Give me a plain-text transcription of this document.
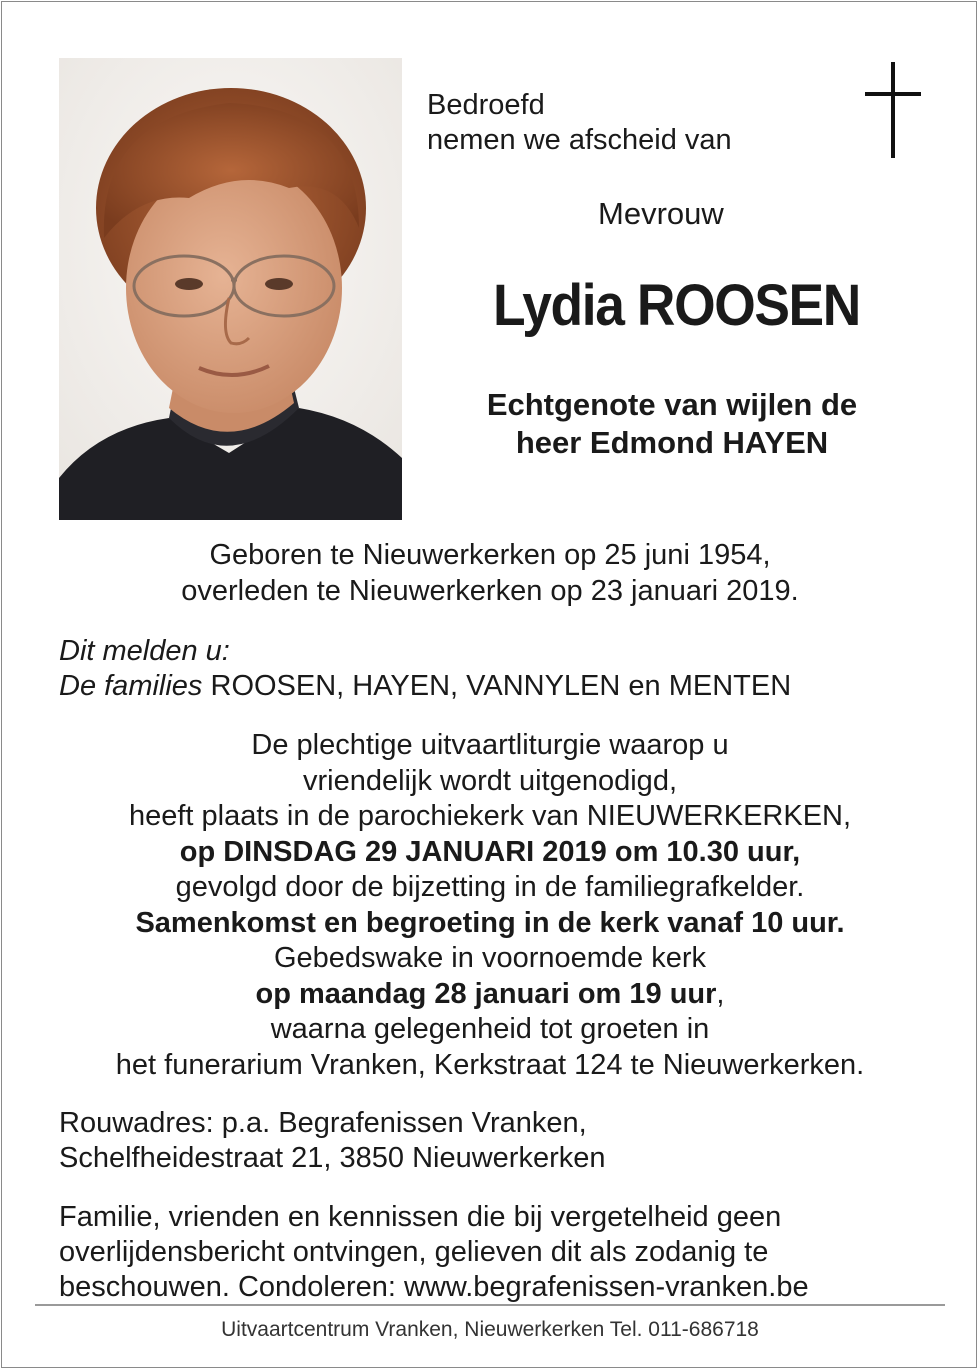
Bedroefd
nemen we afscheid van
Mevrouw
Lydia ROOSEN
Echtgenote van wijlen de
heer Edmond HAYEN
Geboren te Nieuwerkerken op 25 juni 1954,
overleden te Nieuwerkerken op 23 januari 2019.
Dit melden u:
De families ROOSEN, HAYEN, VANNYLEN en MENTEN
De plechtige uitvaartliturgie waarop u
vriendelijk wordt uitgenodigd,
heeft plaats in de parochiekerk van NIEUWERKERKEN,
op DINSDAG 29 JANUARI 2019 om 10.30 uur,
gevolgd door de bijzetting in de familiegrafkelder.
Samenkomst en begroeting in de kerk vanaf 10 uur.
Gebedswake in voornoemde kerk
op maandag 28 januari om 19 uur,
waarna gelegenheid tot groeten in
het funerarium Vranken, Kerkstraat 124 te Nieuwerkerken.
Rouwadres: p.a. Begrafenissen Vranken,
Schelfheidestraat 21, 3850 Nieuwerkerken
Familie, vrienden en kennissen die bij vergetelheid geen
overlijdensbericht ontvingen, gelieven dit als zodanig te
beschouwen. Condoleren: www.begrafenissen-vranken.be
Uitvaartcentrum Vranken, Nieuwerkerken Tel. 011-686718
